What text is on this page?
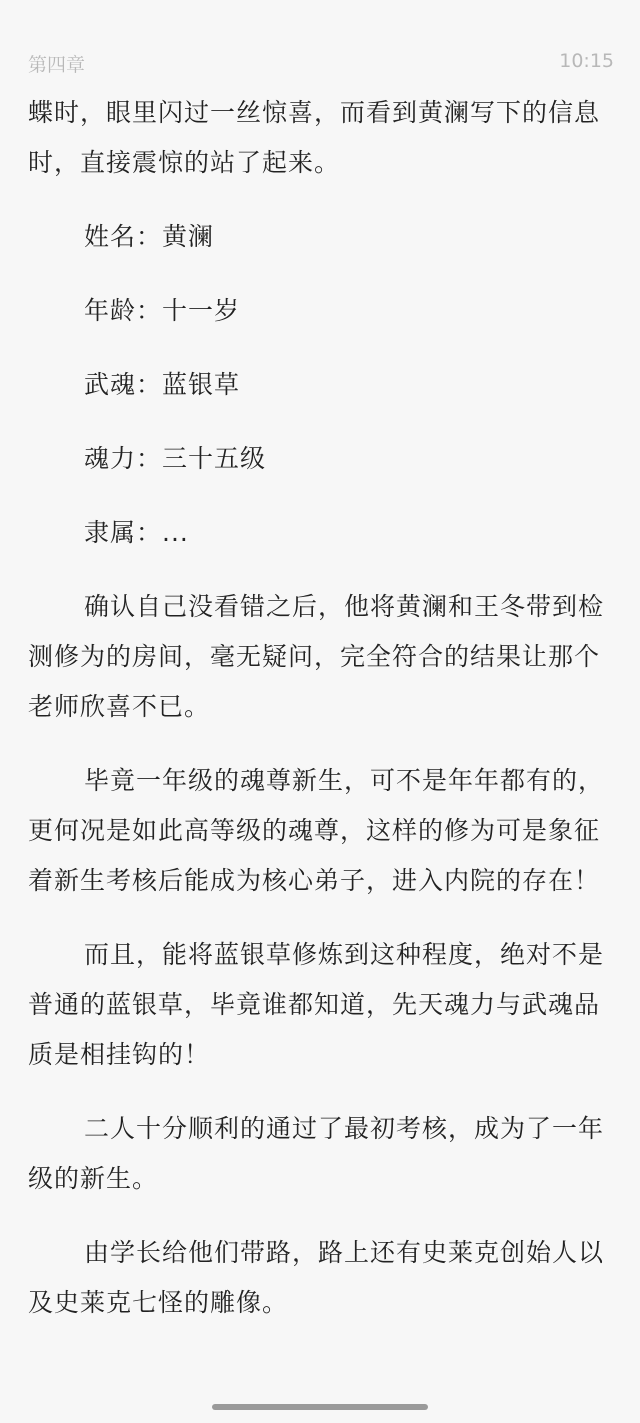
第四章	10:15

蝶时，眼里闪过一丝惊喜，而看到黄澜写下的信息时，直接震惊的站了起来。

姓名：黄澜
年龄：十一岁
武魂：蓝银草
魂力：三十五级
隶属：...

确认自己没看错之后，他将黄澜和王冬带到检测修为的房间，毫无疑问，完全符合的结果让那个老师欣喜不已。

毕竟一年级的魂尊新生，可不是年年都有的，更何况是如此高等级的魂尊，这样的修为可是象征着新生考核后能成为核心弟子，进入内院的存在！

而且，能将蓝银草修炼到这种程度，绝对不是普通的蓝银草，毕竟谁都知道，先天魂力与武魂品质是相挂钩的！

二人十分顺利的通过了最初考核，成为了一年级的新生。

由学长给他们带路，路上还有史莱克创始人以及史莱克七怪的雕像。
